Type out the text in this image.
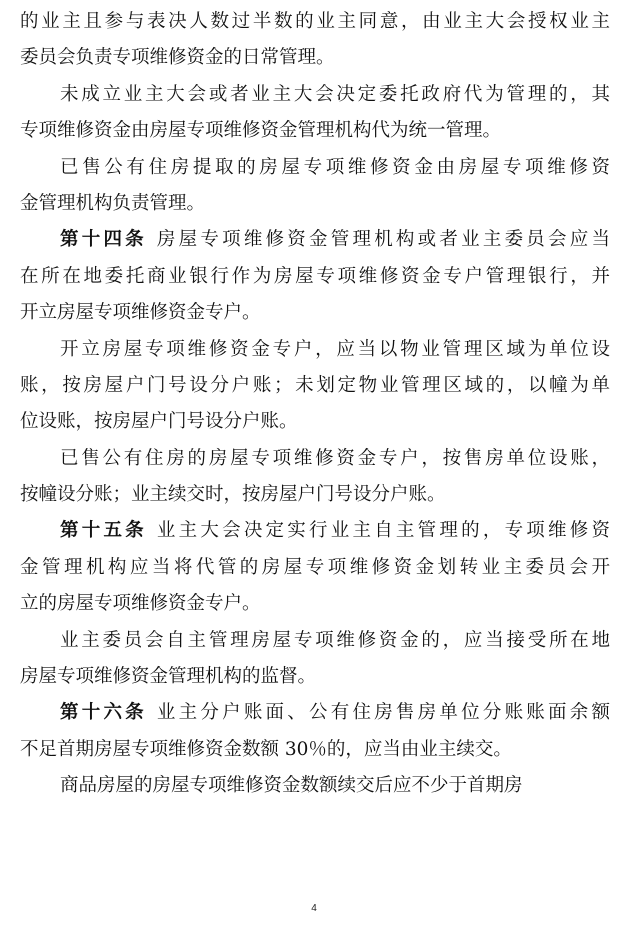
的业主且参与表决人数过半数的业主同意，由业主大会授权业主
委员会负责专项维修资金的日常管理。
未成立业主大会或者业主大会决定委托政府代为管理的，其
专项维修资金由房屋专项维修资金管理机构代为统一管理。
已售公有住房提取的房屋专项维修资金由房屋专项维修资
金管理机构负责管理。
第十四条 房屋专项维修资金管理机构或者业主委员会应当
在所在地委托商业银行作为房屋专项维修资金专户管理银行，并
开立房屋专项维修资金专户。
开立房屋专项维修资金专户，应当以物业管理区域为单位设
账，按房屋户门号设分户账；未划定物业管理区域的，以幢为单
位设账，按房屋户门号设分户账。
已售公有住房的房屋专项维修资金专户，按售房单位设账，
按幢设分账；业主续交时，按房屋户门号设分户账。
第十五条 业主大会决定实行业主自主管理的，专项维修资
金管理机构应当将代管的房屋专项维修资金划转业主委员会开
立的房屋专项维修资金专户。
业主委员会自主管理房屋专项维修资金的，应当接受所在地
房屋专项维修资金管理机构的监督。
第十六条 业主分户账面、公有住房售房单位分账账面余额
不足首期房屋专项维修资金数额 30％的，应当由业主续交。
商品房屋的房屋专项维修资金数额续交后应不少于首期房
4
